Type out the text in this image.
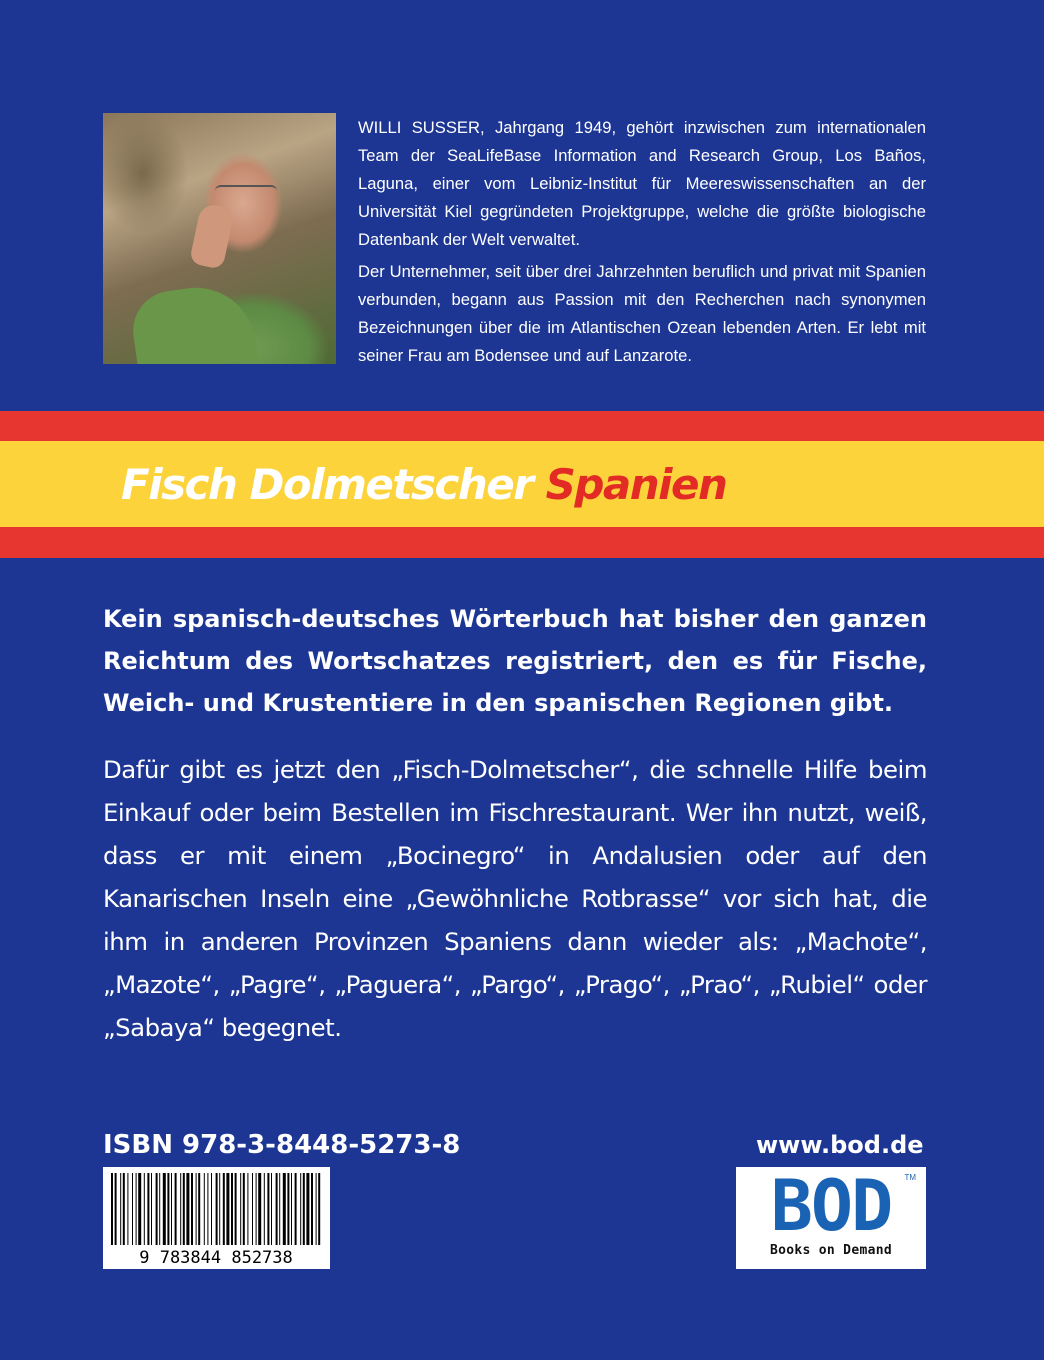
WILLI SUSSER, Jahrgang 1949, gehört inzwischen zum internationalen Team der SeaLifeBase Information and Research Group, Los Baños, Laguna, einer vom Leibniz-Institut für Meereswissenschaften an der Universität Kiel gegründeten Projektgruppe, welche die größte biologische Datenbank der Welt verwaltet.

Der Unternehmer, seit über drei Jahrzehnten beruflich und privat mit Spanien verbunden, begann aus Passion mit den Recherchen nach synonymen Bezeichnungen über die im Atlantischen Ozean lebenden Arten. Er lebt mit seiner Frau am Bodensee und auf Lanzarote.

Fisch Dolmetscher Spanien

Kein spanisch-deutsches Wörterbuch hat bisher den ganzen Reichtum des Wortschatzes registriert, den es für Fische, Weich- und Krustentiere in den spanischen Regionen gibt.

Dafür gibt es jetzt den „Fisch-Dolmetscher“, die schnelle Hilfe beim Einkauf oder beim Bestellen im Fischrestaurant. Wer ihn nutzt, weiß, dass er mit einem „Bocinegro“ in Andalusien oder auf den Kanarischen Inseln eine „Gewöhnliche Rotbrasse“ vor sich hat, die ihm in anderen Provinzen Spaniens dann wieder als: „Machote“, „Mazote“, „Pagre“, „Paguera“, „Pargo“, „Prago“, „Prao“, „Rubiel“ oder „Sabaya“ begegnet.

ISBN 978-3-8448-5273-8
9 783844 852738
www.bod.de
BOD	TM
Books on Demand
